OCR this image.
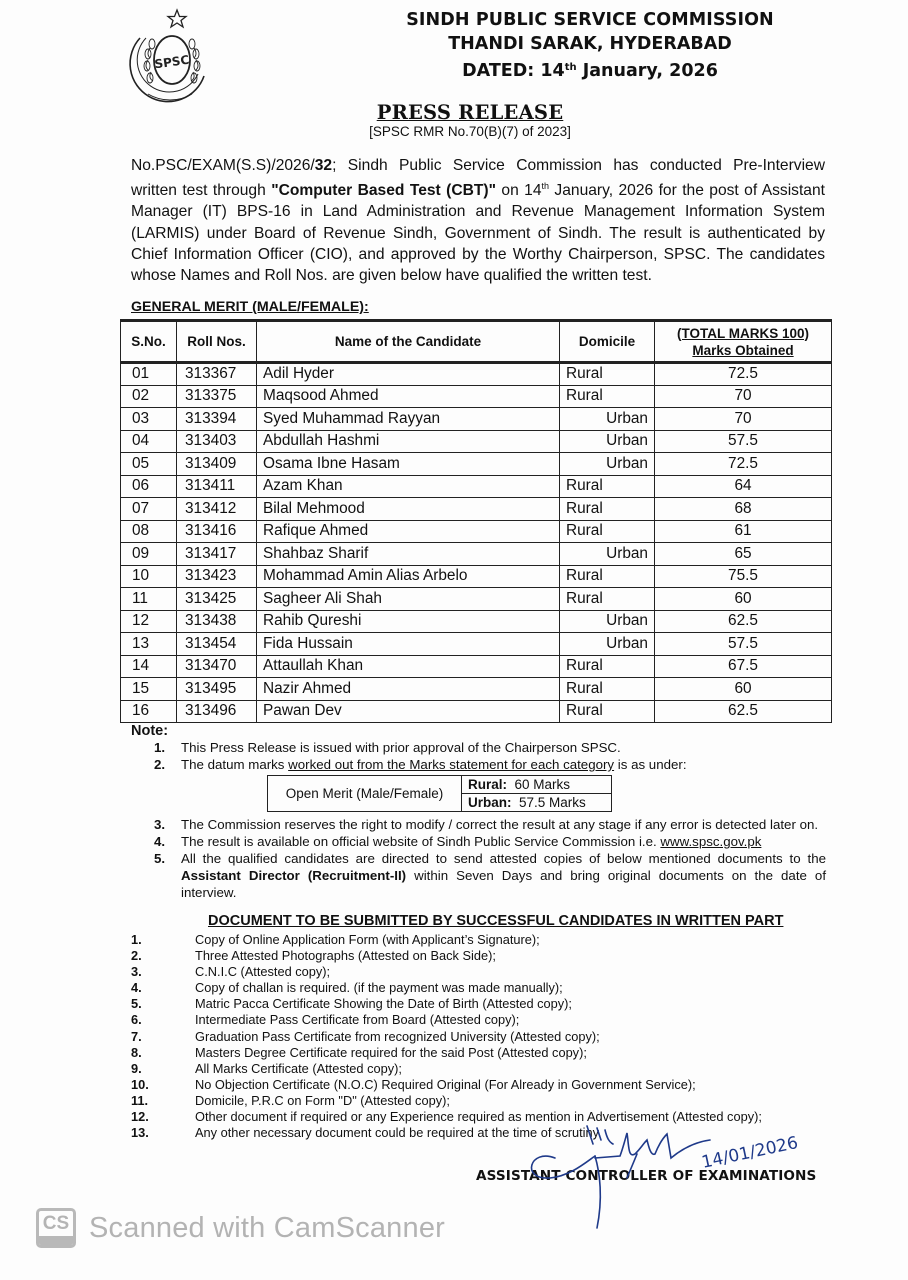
SPSC
SINDH PUBLIC SERVICE COMMISSION
THANDI SARAK, HYDERABAD
DATED: 14th January, 2026
PRESS RELEASE
[SPSC RMR No.70(B)(7) of 2023]
No.PSC/EXAM(S.S)/2026/32; Sindh Public Service Commission has conducted Pre-Interview written test through "Computer Based Test (CBT)" on 14th January, 2026 for the post of Assistant Manager (IT) BPS-16 in Land Administration and Revenue Management Information System (LARMIS) under Board of Revenue Sindh, Government of Sindh. The result is authenticated by Chief Information Officer (CIO), and approved by the Worthy Chairperson, SPSC. The candidates whose Names and Roll Nos. are given below have qualified the written test.
GENERAL MERIT (MALE/FEMALE):
S.No.	Roll Nos.	Name of the Candidate	Domicile	(TOTAL MARKS 100)
Marks Obtained

01	313367	Adil Hyder	Rural	72.5
02	313375	Maqsood Ahmed	Rural	70
03	313394	Syed Muhammad Rayyan	Urban	70
04	313403	Abdullah Hashmi	Urban	57.5
05	313409	Osama Ibne Hasam	Urban	72.5
06	313411	Azam Khan	Rural	64
07	313412	Bilal Mehmood	Rural	68
08	313416	Rafique Ahmed	Rural	61
09	313417	Shahbaz Sharif	Urban	65
10	313423	Mohammad Amin Alias Arbelo	Rural	75.5
11	313425	Sagheer Ali Shah	Rural	60
12	313438	Rahib Qureshi	Urban	62.5
13	313454	Fida Hussain	Urban	57.5
14	313470	Attaullah Khan	Rural	67.5
15	313495	Nazir Ahmed	Rural	60
16	313496	Pawan Dev	Rural	62.5
Note:
1.	This Press Release is issued with prior approval of the Chairperson SPSC.
2.	The datum marks worked out from the Marks statement for each category is as under:
Open Merit (Male/Female)	Rural: 60 Marks
Urban: 57.5 Marks
3.	The Commission reserves the right to modify / correct the result at any stage if any error is detected later on.
4.	The result is available on official website of Sindh Public Service Commission i.e. www.spsc.gov.pk
5.	All the qualified candidates are directed to send attested copies of below mentioned documents to the Assistant Director (Recruitment-II) within Seven Days and bring original documents on the date of interview.
DOCUMENT TO BE SUBMITTED BY SUCCESSFUL CANDIDATES IN WRITTEN PART
1.	Copy of Online Application Form (with Applicant’s Signature);
2.	Three Attested Photographs (Attested on Back Side);
3.	C.N.I.C (Attested copy);
4.	Copy of challan is required. (if the payment was made manually);
5.	Matric Pacca Certificate Showing the Date of Birth (Attested copy);
6.	Intermediate Pass Certificate from Board (Attested copy);
7.	Graduation Pass Certificate from recognized University (Attested copy);
8.	Masters Degree Certificate required for the said Post (Attested copy);
9.	All Marks Certificate (Attested copy);
10.	No Objection Certificate (N.O.C) Required Original (For Already in Government Service);
11.	Domicile, P.R.C on Form "D" (Attested copy);
12.	Other document if required or any Experience required as mention in Advertisement (Attested copy);
13.	Any other necessary document could be required at the time of scrutiny.
ASSISTANT CONTROLLER OF EXAMINATIONS
14/01/2026
CS Scanned with CamScanner
